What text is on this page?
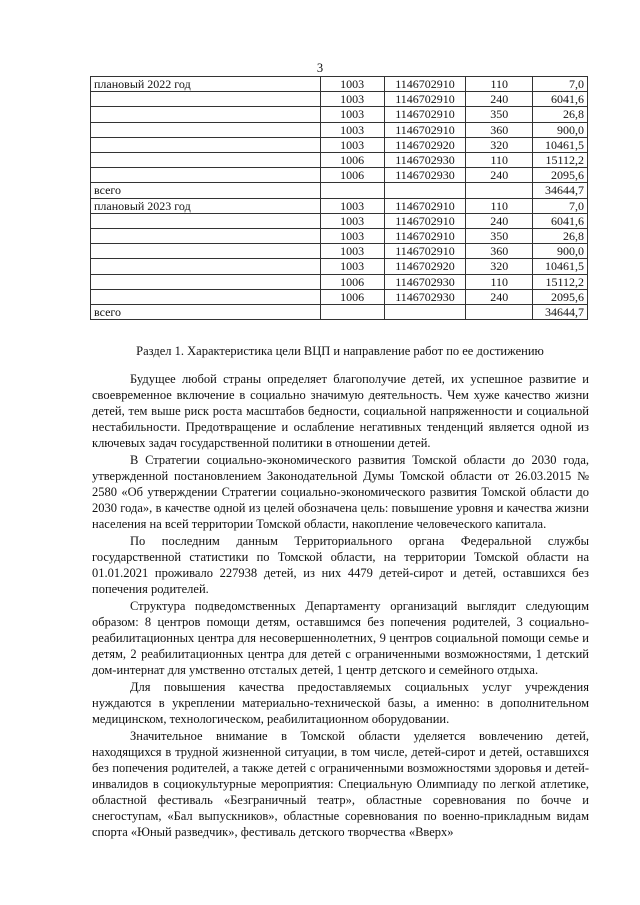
3
плановый 2022 год	1003	1146702910	110	7,0
	1003	1146702910	240	6041,6
	1003	1146702910	350	26,8
	1003	1146702910	360	900,0
	1003	1146702920	320	10461,5
	1006	1146702930	110	15112,2
	1006	1146702930	240	2095,6
всего				34644,7
плановый 2023 год	1003	1146702910	110	7,0
	1003	1146702910	240	6041,6
	1003	1146702910	350	26,8
	1003	1146702910	360	900,0
	1003	1146702920	320	10461,5
	1006	1146702930	110	15112,2
	1006	1146702930	240	2095,6
всего				34644,7
Раздел 1. Характеристика цели ВЦП и направление работ по ее достижению

Будущее любой страны определяет благополучие детей, их успешное развитие и своевременное включение в социально значимую деятельность. Чем хуже качество жизни детей, тем выше риск роста масштабов бедности, социальной напряженности и социальной нестабильности. Предотвращение и ослабление негативных тенденций является одной из ключевых задач государственной политики в отношении детей.

В Стратегии социально-экономического развития Томской области до 2030 года, утвержденной постановлением Законодательной Думы Томской области от 26.03.2015 № 2580 «Об утверждении Стратегии социально-экономического развития Томской области до 2030 года», в качестве одной из целей обозначена цель: повышение уровня и качества жизни населения на всей территории Томской области, накопление человеческого капитала.

По последним данным Территориального органа Федеральной службы государственной статистики по Томской области, на территории Томской области на 01.01.2021 проживало 227938 детей, из них 4479 детей-сирот и детей, оставшихся без попечения родителей.

Структура подведомственных Департаменту организаций выглядит следующим образом: 8 центров помощи детям, оставшимся без попечения родителей, 3 социально-реабилитационных центра для несовершеннолетних, 9 центров социальной помощи семье и детям, 2 реабилитационных центра для детей с ограниченными возможностями, 1 детский дом-интернат для умственно отсталых детей, 1 центр детского и семейного отдыха.

Для повышения качества предоставляемых социальных услуг учреждения нуждаются в укреплении материально-технической базы, а именно: в дополнительном медицинском, технологическом, реабилитационном оборудовании.

Значительное внимание в Томской области уделяется вовлечению детей, находящихся в трудной жизненной ситуации, в том числе, детей-сирот и детей, оставшихся без попечения родителей, а также детей с ограниченными возможностями здоровья и детей-инвалидов в социокультурные мероприятия: Специальную Олимпиаду по легкой атлетике, областной фестиваль «Безграничный театр», областные соревнования по бочче и снегоступам, «Бал выпускников», областные соревнования по военно-прикладным видам спорта «Юный разведчик», фестиваль детского творчества «Вверх»
